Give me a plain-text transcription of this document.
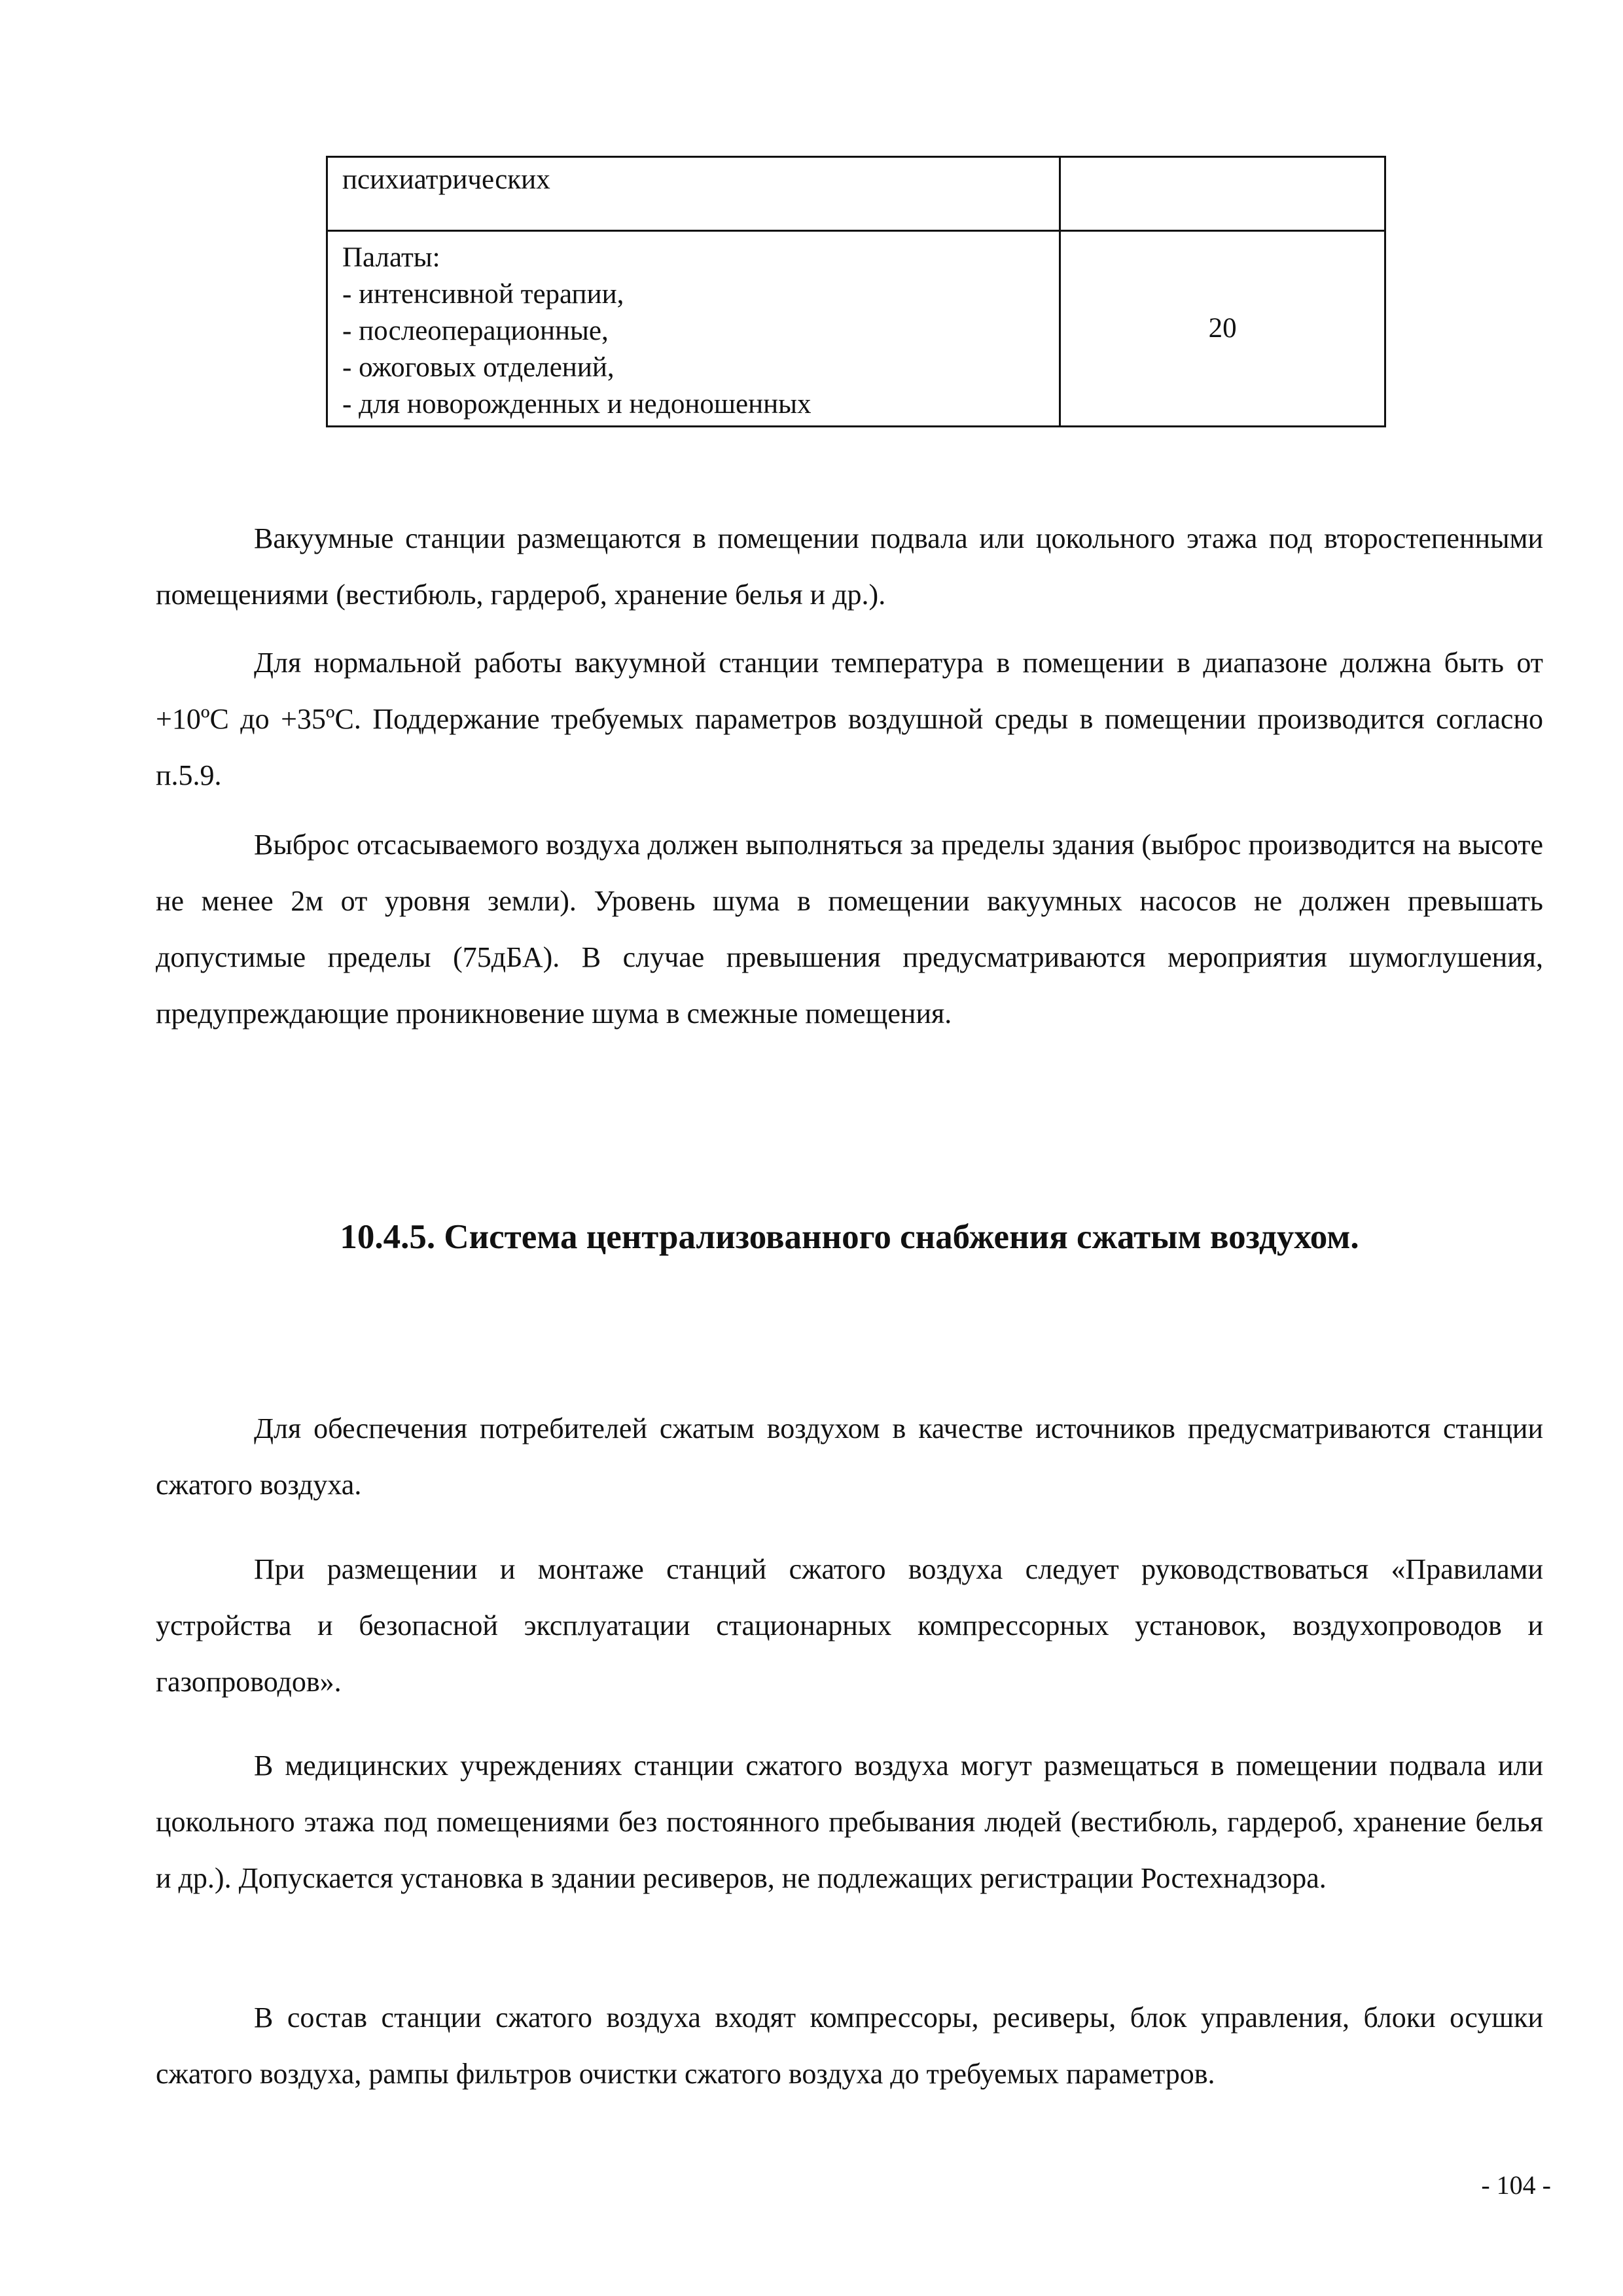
психиатрических	

Палаты:
- интенсивной терапии,
- послеоперационные,
- ожоговых отделений,
- для новорожденных и недоношенных	20

Вакуумные станции размещаются в помещении подвала или цокольного этажа под второстепенными помещениями (вестибюль, гардероб, хранение белья и др.).

Для нормальной работы вакуумной станции температура в помещении в диапазоне должна быть от +10ºС до +35ºС. Поддержание требуемых параметров воздушной среды в помещении производится согласно п.5.9.

Выброс отсасываемого воздуха должен выполняться за пределы здания (выброс производится на высоте не менее 2м от уровня земли). Уровень шума в помещении вакуумных насосов не должен превышать допустимые пределы (75дБА). В случае превышения предусматриваются мероприятия шумоглушения, предупреждающие проникновение шума в смежные помещения.

10.4.5. Система централизованного снабжения сжатым воздухом.

Для обеспечения потребителей сжатым воздухом в качестве источников предусматриваются станции сжатого воздуха.

При размещении и монтаже станций сжатого воздуха следует руководствоваться «Правилами устройства и безопасной эксплуатации стационарных компрессорных установок, воздухопроводов и газопроводов».

В медицинских учреждениях станции сжатого воздуха могут размещаться в помещении подвала или цокольного этажа под помещениями без постоянного пребывания людей (вестибюль, гардероб, хранение белья и др.). Допускается установка в здании ресиверов, не подлежащих регистрации Ростехнадзора.

В состав станции сжатого воздуха входят компрессоры, ресиверы, блок управления, блоки осушки сжатого воздуха, рампы фильтров очистки сжатого воздуха до требуемых параметров.

- 104 -
